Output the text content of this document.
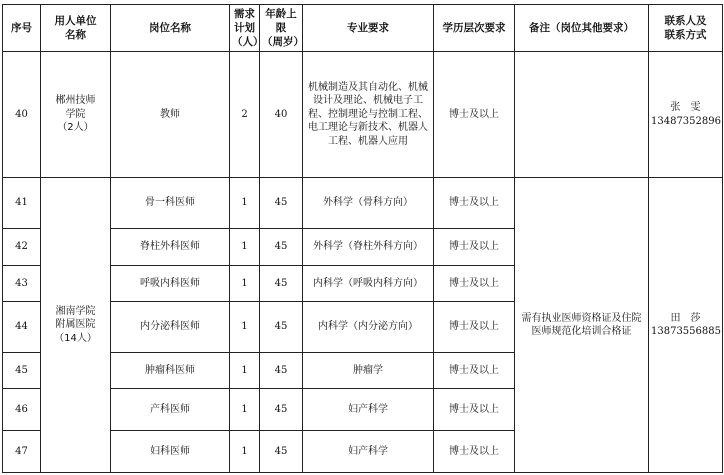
序号	用人单位
名称	岗位名称	需求
计划
（人）	年龄上限
（周岁）	专业要求	学历层次要求	备注（岗位其他要求）	联系人及
联系方式
40	郴州技师
学院
（2人）	教师	2	40	机械制造及其自动化、机械设计及理论、机械电子工程、控制理论与控制工程、电工理论与新技术、机器人工程、机器人应用	博士及以上		张　雯
13487352896
41	湘南学院
附属医院
（14人）	骨一科医师	1	45	外科学（骨科方向）	博士及以上	需有执业医师资格证及住院医师规范化培训合格证	田　莎
13873556885
42		脊柱外科医师	1	45	外科学（脊柱外科方向）	博士及以上		
43		呼吸内科医师	1	45	内科学（呼吸内科方向）	博士及以上		
44		内分泌科医师	1	45	内科学（内分泌方向）	博士及以上		
45		肿瘤科医师	1	45	肿瘤学	博士及以上		
46		产科医师	1	45	妇产科学	博士及以上		
47		妇科医师	1	45	妇产科学	博士及以上		
